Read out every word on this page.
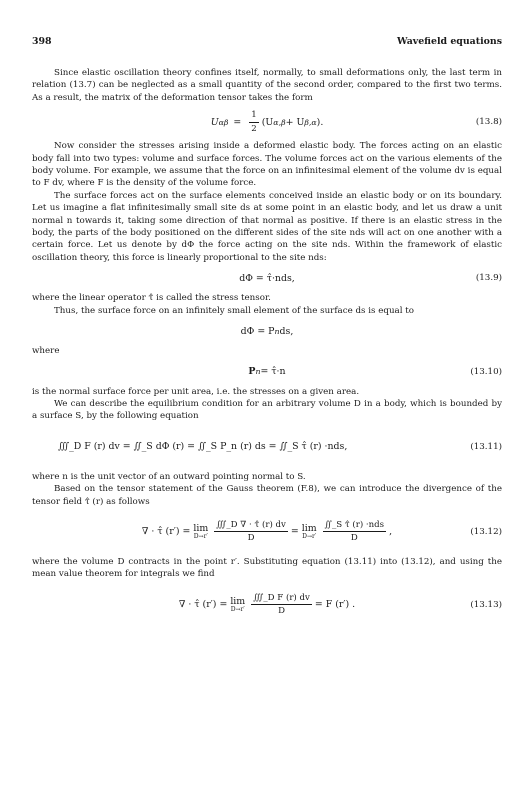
398	Wavefield equations

Since elastic oscillation theory confines itself, normally, to small deformations only, the last term in relation (13.7) can be neglected as a small quantity of the second order, compared to the first two terms. As a result, the matrix of the deformation tensor takes the form

U $\alpha\beta = \frac{1}{2} (U$ α,β + U β,α ).	(13.8)

Now consider the stresses arising inside a deformed elastic body. The forces acting on an elastic body fall into two types: volume and surface forces. The volume forces act on the various elements of the body volume. For example, we assume that the force on an infinitesimal element of the volume dv is equal to F dv, where F is the density of the volume force.

The surface forces act on the surface elements conceived inside an elastic body or on its boundary. Let us imagine a flat infinitesimally small site ds at some point in an elastic body, and let us draw a unit normal n towards it, taking some direction of that normal as positive. If there is an elastic stress in the body, the parts of the body positioned on the different sides of the site nds will act on one another with a certain force. Let us denote by dΦ the force acting on the site nds. Within the framework of elastic oscillation theory, this force is linearly proportional to the site nds:

dΦ = τ̂·nds,	(13.9)

where the linear operator τ̂ is called the stress tensor.

Thus, the surface force on an infinitely small element of the surface ds is equal to

dΦ = P n ds,

where

P n = τ̂·n	(13.10)

is the normal surface force per unit area, i.e. the stresses on a given area.

We can describe the equilibrium condition for an arbitrary volume D in a body, which is bounded by a surface S, by the following equation

∭_D F (r) dv = ∬_S dΦ (r) = ∬_S P_n (r) ds = ∬_S τ̂ (r) ·nds,	(13.11)

where n is the unit vector of an outward pointing normal to S.

Based on the tensor statement of the Gauss theorem (F.8), we can introduce the divergence of the tensor field τ̂ (r) as follows

∇ · τ̂ (r′) = lim
$D\to r' \frac{∭\_D \nabla \cdot \taû (r) dv}{D} = \lim$
$D\to r' \frac{\text{∬\_S τ̂ (r) ·nds}}{D}$ ,	(13.12)

where the volume D contracts in the point r′. Substituting equation (13.11) into (13.12), and using the mean value theorem for integrals we find

∇ · τ̂ (r′) = lim
$D\to r' \frac{\text{∭\_D F (r) dv}}{D} = F$ (r′) .	(13.13)
